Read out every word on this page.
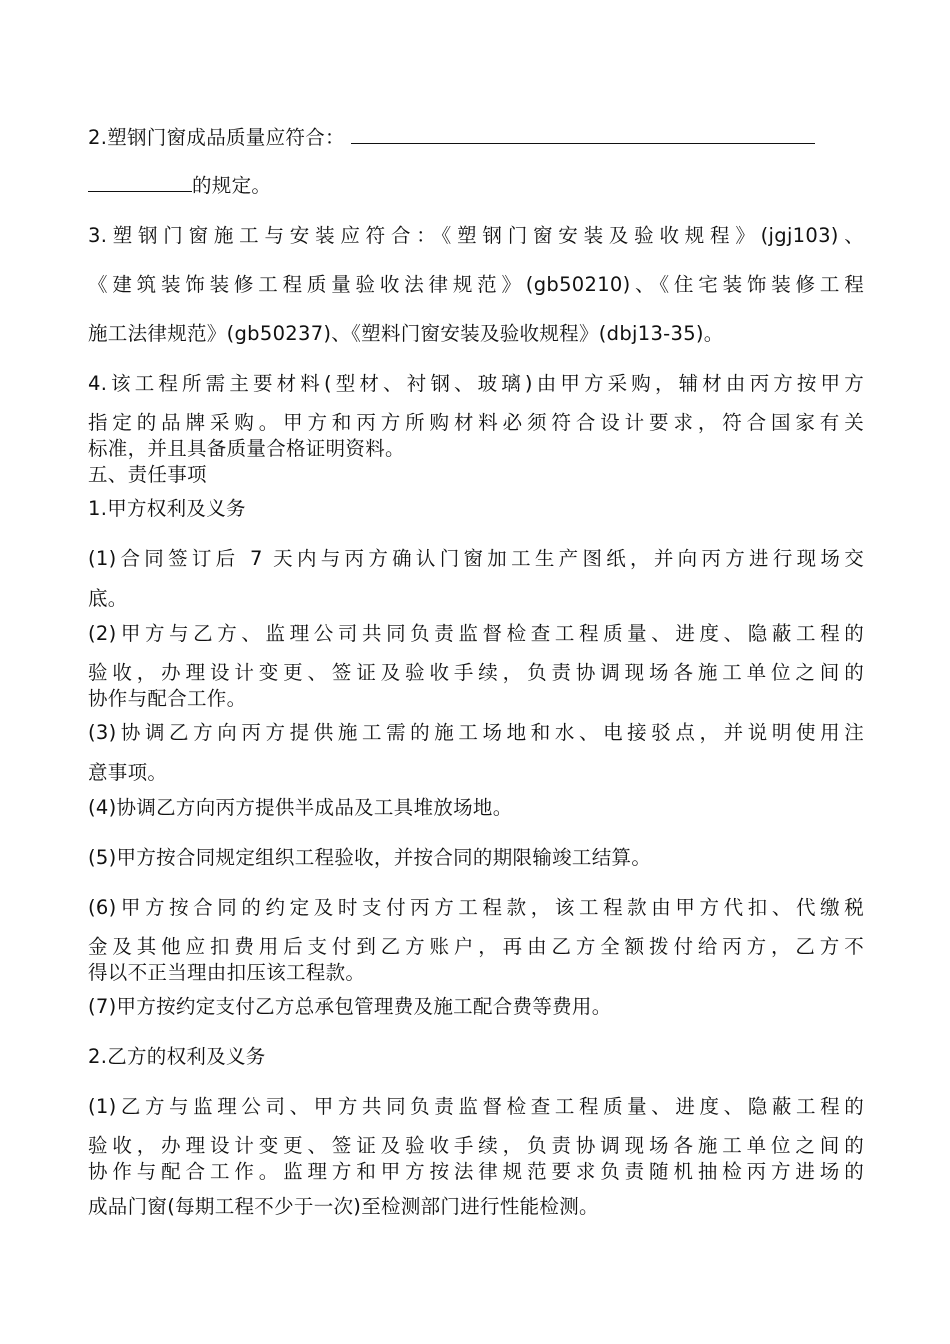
2.塑钢门窗成品质量应符合：
的规定。
3.塑钢门窗施工与安装应符合：《塑钢门窗安装及验收规程》(jgj103)、
《建筑装饰装修工程质量验收法律规范》(gb50210)、《住宅装饰装修工程
施工法律规范》(gb50237)、《塑料门窗安装及验收规程》(dbj13-35)。
4.该工程所需主要材料(型材、衬钢、玻璃)由甲方采购，辅材由丙方按甲方
指定的品牌采购。甲方和丙方所购材料必须符合设计要求，符合国家有关
标准，并且具备质量合格证明资料。
五、责任事项
1.甲方权利及义务
(1)合同签订后 7 天内与丙方确认门窗加工生产图纸，并向丙方进行现场交
底。
(2)甲方与乙方、监理公司共同负责监督检查工程质量、进度、隐蔽工程的
验收，办理设计变更、签证及验收手续，负责协调现场各施工单位之间的
协作与配合工作。
(3)协调乙方向丙方提供施工需的施工场地和水、电接驳点，并说明使用注
意事项。
(4)协调乙方向丙方提供半成品及工具堆放场地。
(5)甲方按合同规定组织工程验收，并按合同的期限输竣工结算。
(6)甲方按合同的约定及时支付丙方工程款，该工程款由甲方代扣、代缴税
金及其他应扣费用后支付到乙方账户，再由乙方全额拨付给丙方，乙方不
得以不正当理由扣压该工程款。
(7)甲方按约定支付乙方总承包管理费及施工配合费等费用。
2.乙方的权利及义务
(1)乙方与监理公司、甲方共同负责监督检查工程质量、进度、隐蔽工程的
验收，办理设计变更、签证及验收手续，负责协调现场各施工单位之间的
协作与配合工作。监理方和甲方按法律规范要求负责随机抽检丙方进场的
成品门窗(每期工程不少于一次)至检测部门进行性能检测。
